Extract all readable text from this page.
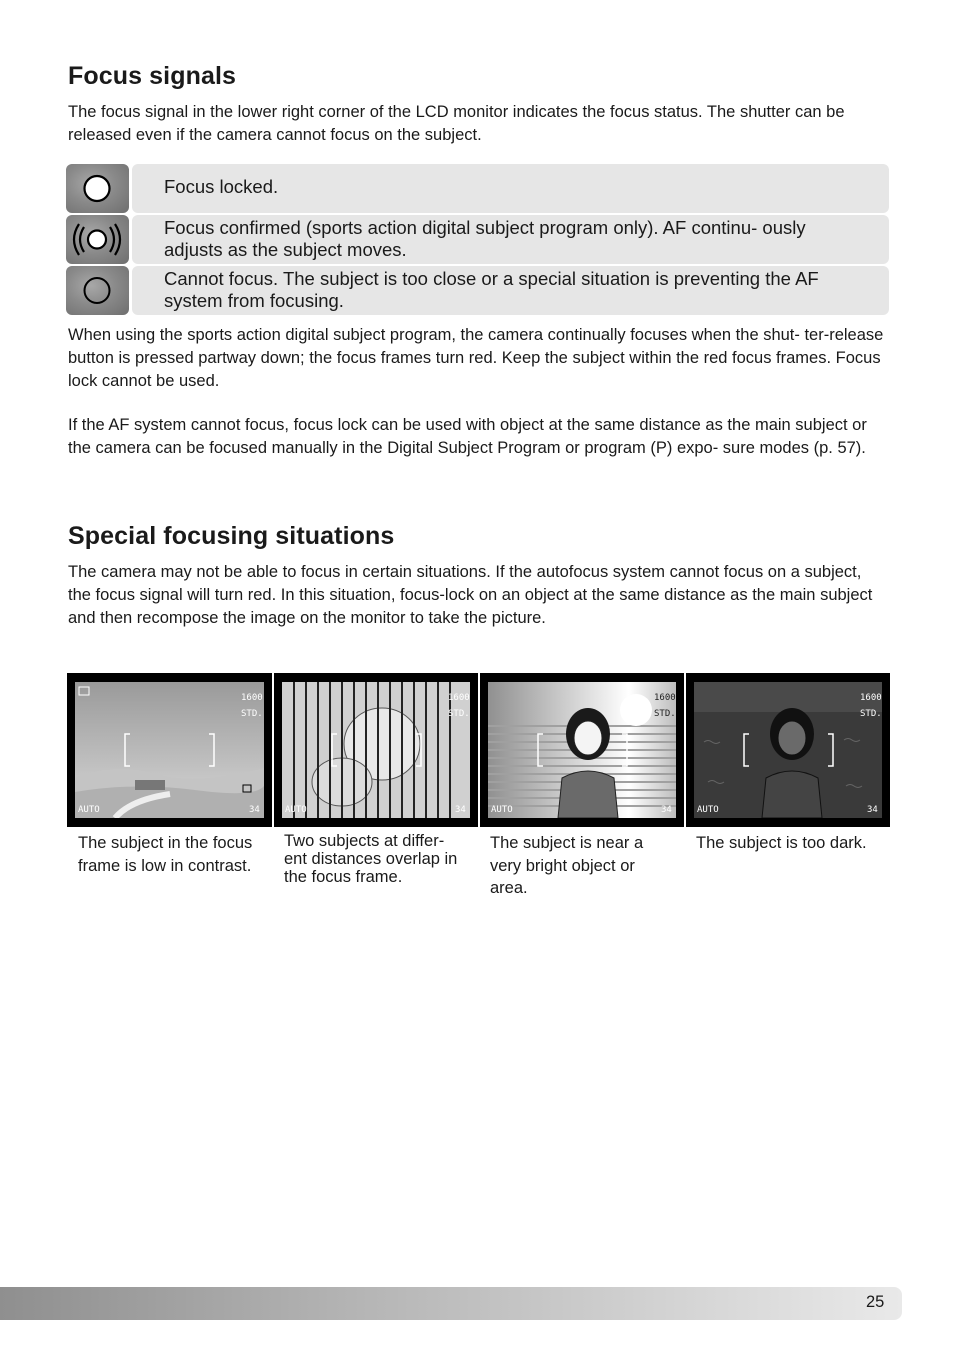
Focus signals

The focus signal in the lower right corner of the LCD monitor indicates the focus status. The shutter can be released even if the camera cannot focus on the subject.

Focus locked.
Focus confirmed (sports action digital subject program only). AF continu- ously adjusts as the subject moves.
Cannot focus. The subject is too close or a special situation is preventing the AF system from focusing.

When using the sports action digital subject program, the camera continually focuses when the shut- ter-release button is pressed partway down; the focus frames turn red. Keep the subject within the red focus frames. Focus lock cannot be used.

If the AF system cannot focus, focus lock can be used with object at the same distance as the main subject or the camera can be focused manually in the Digital Subject Program or program (P) expo- sure modes (p. 57).

Special focusing situations

The camera may not be able to focus in certain situations. If the autofocus system cannot focus on a subject, the focus signal will turn red. In this situation, focus-lock on an object at the same distance as the main subject and then recompose the image on the monitor to take the picture.

1600
STD.
AUTO	34
1600
STD.
AUTO	34
1600
STD.
AUTO	34
1600
STD.
AUTO	34
The subject in the focus frame is low in contrast.
Two subjects at differ- ent distances overlap in the focus frame.
The subject is near a very bright object or area.
The subject is too dark.
25
